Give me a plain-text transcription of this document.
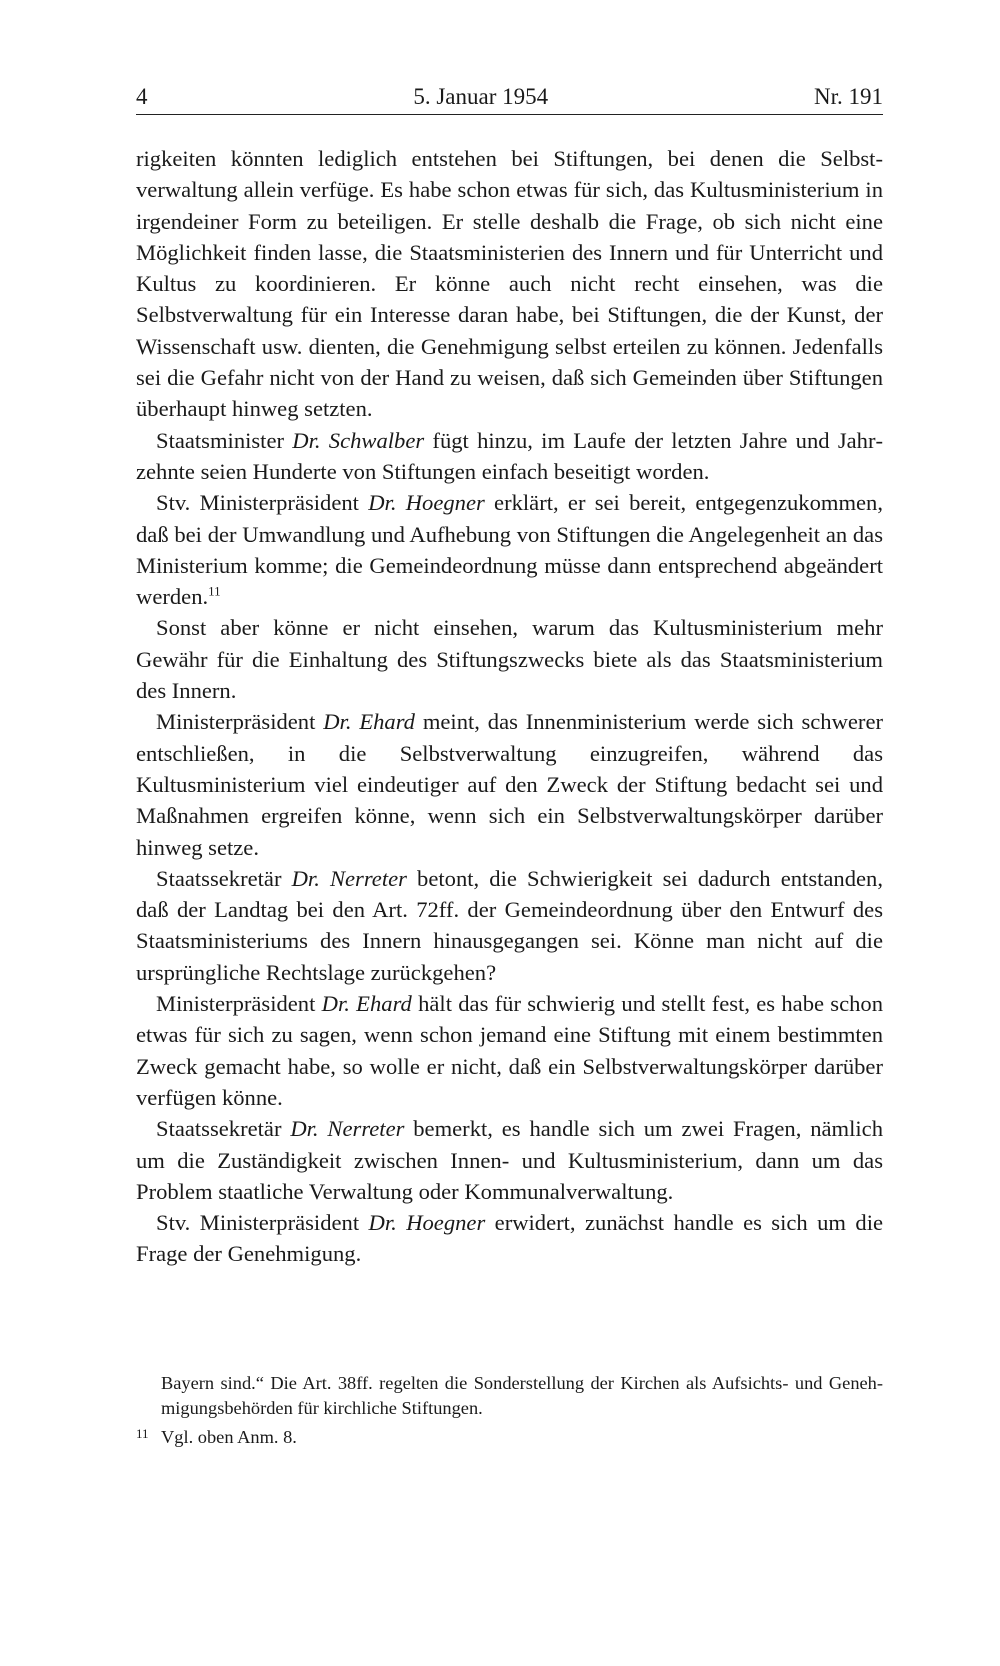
4	5. Januar 1954	Nr. 191

rigkeiten könnten lediglich entstehen bei Stiftungen, bei denen die Selbstverwaltung allein verfüge. Es habe schon etwas für sich, das Kultusministerium in irgendeiner Form zu beteiligen. Er stelle deshalb die Frage, ob sich nicht eine Möglichkeit finden lasse, die Staatsministerien des Innern und für Unterricht und Kultus zu koordinieren. Er könne auch nicht recht einsehen, was die Selbstverwaltung für ein Interesse daran habe, bei Stiftungen, die der Kunst, der Wissenschaft usw. dienten, die Genehmigung selbst erteilen zu können. Jedenfalls sei die Gefahr nicht von der Hand zu weisen, daß sich Gemeinden über Stiftungen überhaupt hinweg setzten.

Staatsminister Dr. Schwalber fügt hinzu, im Laufe der letzten Jahre und Jahrzehnte seien Hunderte von Stiftungen einfach beseitigt worden.

Stv. Ministerpräsident Dr. Hoegner erklärt, er sei bereit, entgegenzukommen, daß bei der Umwandlung und Aufhebung von Stiftungen die Angelegenheit an das Ministerium komme; die Gemeindeordnung müsse dann entsprechend abgeändert werden.$^{11}$

Sonst aber könne er nicht einsehen, warum das Kultusministerium mehr Gewähr für die Einhaltung des Stiftungszwecks biete als das Staatsministerium des Innern.

Ministerpräsident Dr. Ehard meint, das Innenministerium werde sich schwerer entschließen, in die Selbstverwaltung einzugreifen, während das Kultusministerium viel eindeutiger auf den Zweck der Stiftung bedacht sei und Maßnahmen ergreifen könne, wenn sich ein Selbstverwaltungskörper darüber hinweg setze.

Staatssekretär Dr. Nerreter betont, die Schwierigkeit sei dadurch entstanden, daß der Landtag bei den Art. 72ff. der Gemeindeordnung über den Entwurf des Staatsministeriums des Innern hinausgegangen sei. Könne man nicht auf die ursprüngliche Rechtslage zurückgehen?

Ministerpräsident Dr. Ehard hält das für schwierig und stellt fest, es habe schon etwas für sich zu sagen, wenn schon jemand eine Stiftung mit einem bestimmten Zweck gemacht habe, so wolle er nicht, daß ein Selbstverwaltungskörper darüber verfügen könne.

Staatssekretär Dr. Nerreter bemerkt, es handle sich um zwei Fragen, nämlich um die Zuständigkeit zwischen Innen- und Kultusministerium, dann um das Problem staatliche Verwaltung oder Kommunalverwaltung.

Stv. Ministerpräsident Dr. Hoegner erwidert, zunächst handle es sich um die Frage der Genehmigung.

Bayern sind.“ Die Art. 38ff. regelten die Sonderstellung der Kirchen als Aufsichts- und Genehmigungsbehörden für kirchliche Stiftungen.

11 Vgl. oben Anm. 8.
